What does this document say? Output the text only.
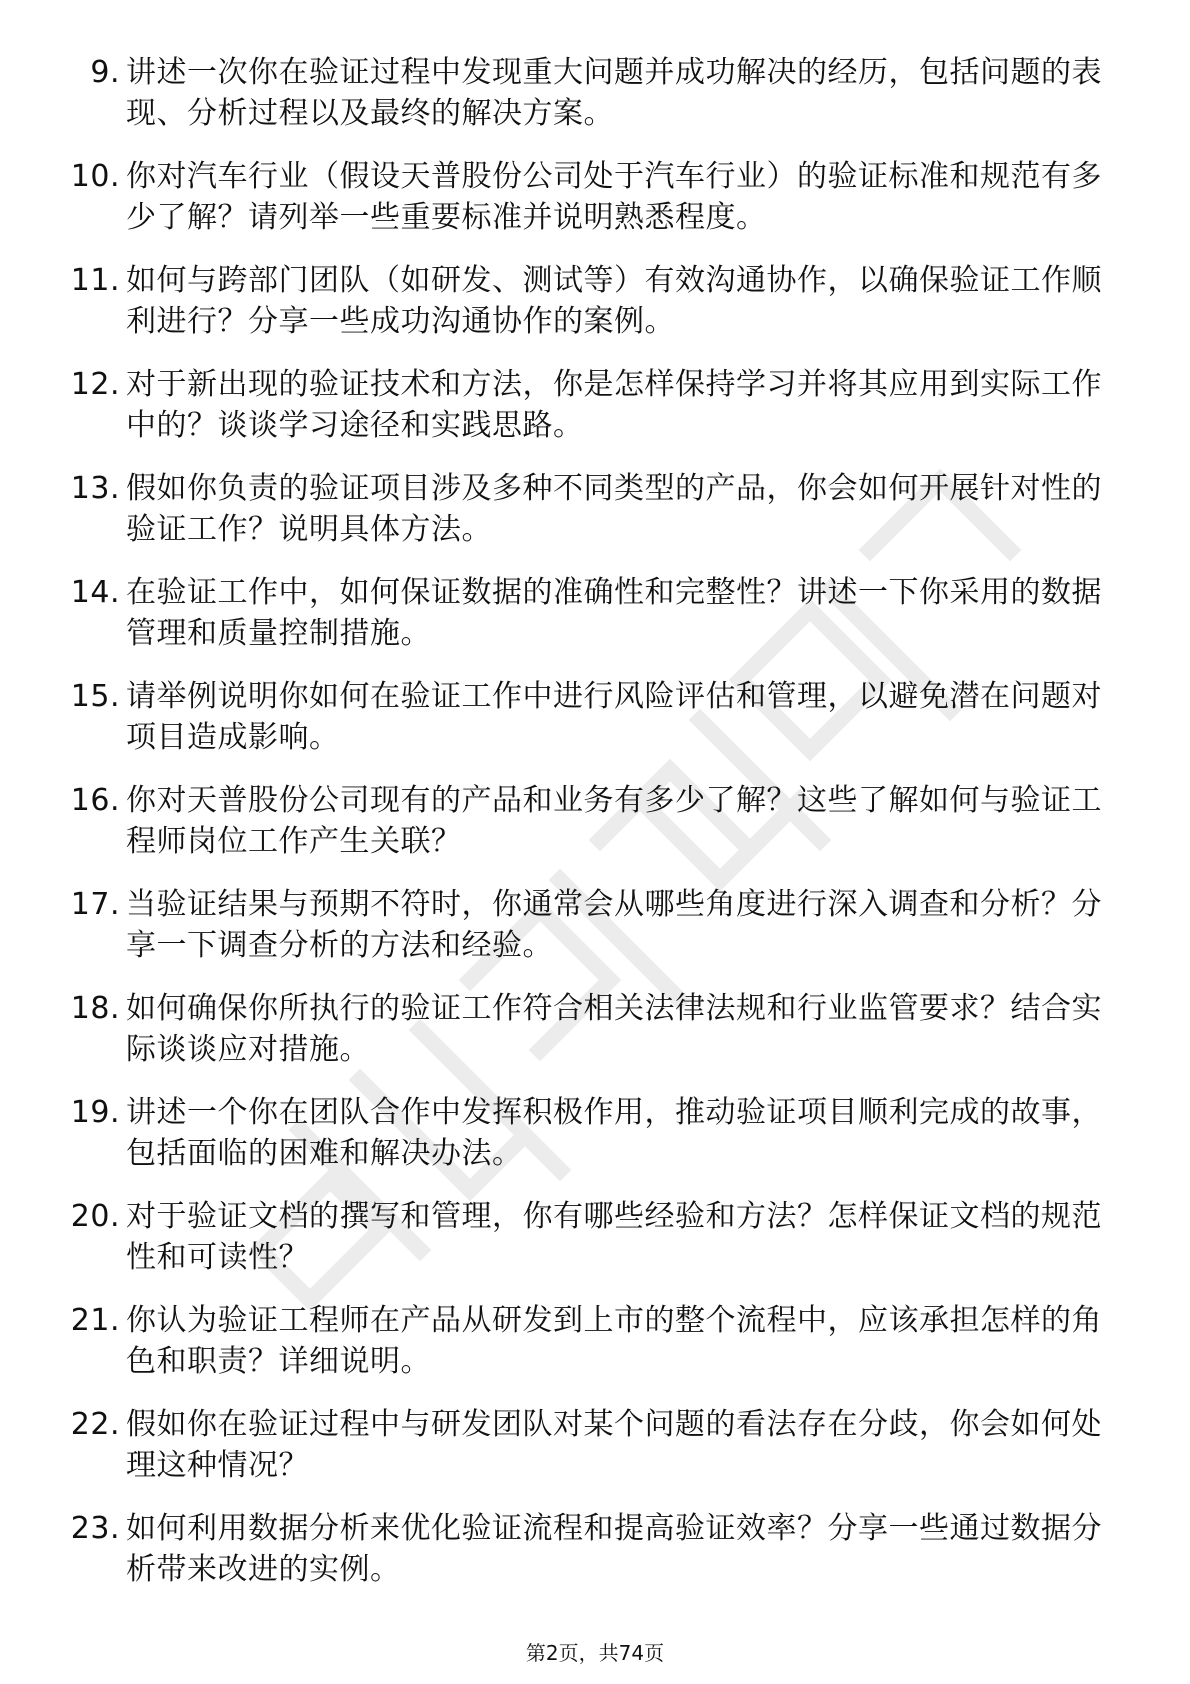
9. 讲述一次你在验证过程中发现重大问题并成功解决的经历，包括问题的表现、分析过程以及最终的解决方案。
10. 你对汽车行业（假设天普股份公司处于汽车行业）的验证标准和规范有多少了解？请列举一些重要标准并说明熟悉程度。
11. 如何与跨部门团队（如研发、测试等）有效沟通协作，以确保验证工作顺利进行？分享一些成功沟通协作的案例。
12. 对于新出现的验证技术和方法，你是怎样保持学习并将其应用到实际工作中的？谈谈学习途径和实践思路。
13. 假如你负责的验证项目涉及多种不同类型的产品，你会如何开展针对性的验证工作？说明具体方法。
14. 在验证工作中，如何保证数据的准确性和完整性？讲述一下你采用的数据管理和质量控制措施。
15. 请举例说明你如何在验证工作中进行风险评估和管理，以避免潜在问题对项目造成影响。
16. 你对天普股份公司现有的产品和业务有多少了解？这些了解如何与验证工程师岗位工作产生关联？
17. 当验证结果与预期不符时，你通常会从哪些角度进行深入调查和分析？分享一下调查分析的方法和经验。
18. 如何确保你所执行的验证工作符合相关法律法规和行业监管要求？结合实际谈谈应对措施。
19. 讲述一个你在团队合作中发挥积极作用，推动验证项目顺利完成的故事，包括面临的困难和解决办法。
20. 对于验证文档的撰写和管理，你有哪些经验和方法？怎样保证文档的规范性和可读性？
21. 你认为验证工程师在产品从研发到上市的整个流程中，应该承担怎样的角色和职责？详细说明。
22. 假如你在验证过程中与研发团队对某个问题的看法存在分歧，你会如何处理这种情况？
23. 如何利用数据分析来优化验证流程和提高验证效率？分享一些通过数据分析带来改进的实例。
第2页，共74页
